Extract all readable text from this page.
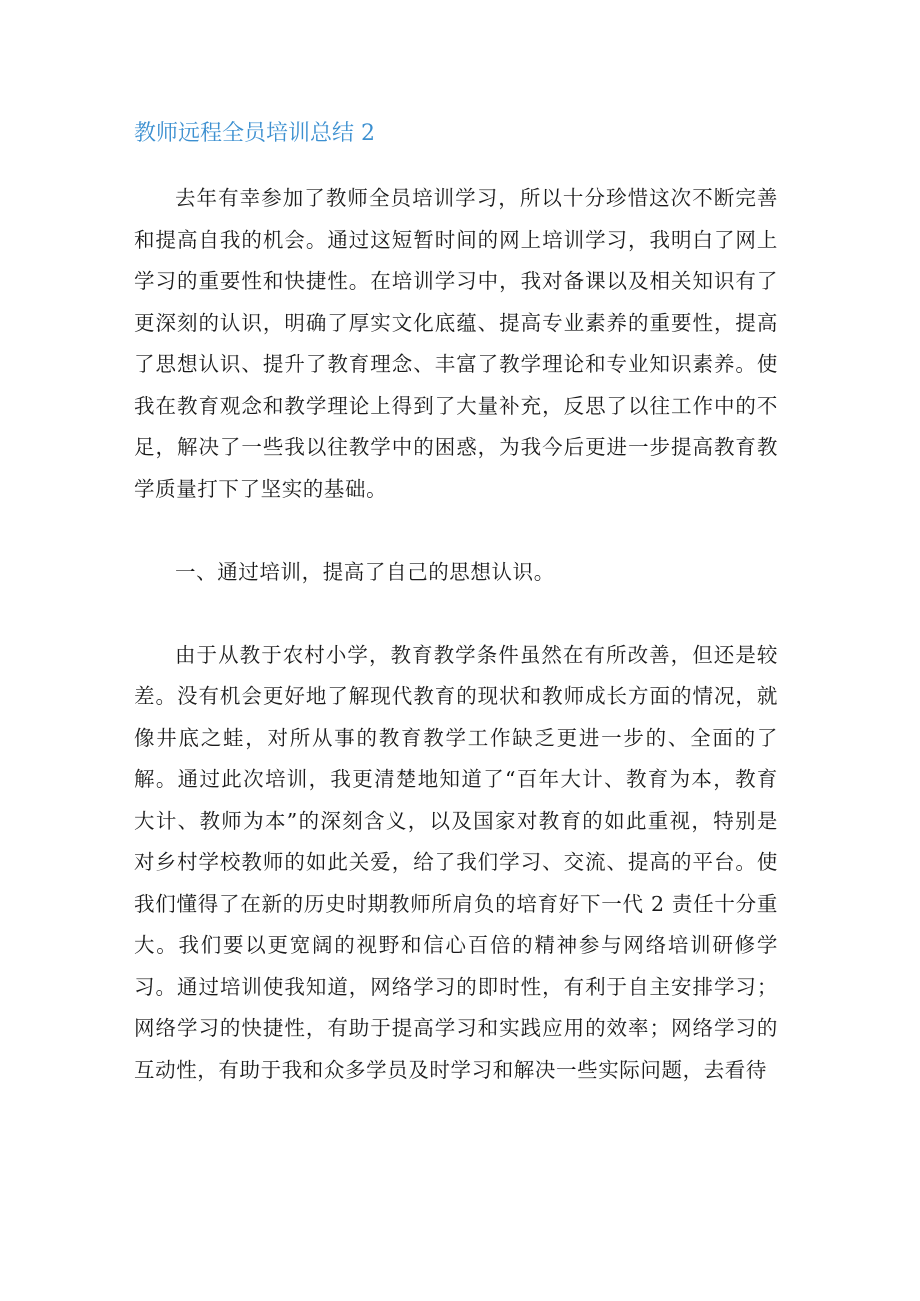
教师远程全员培训总结 2

去年有幸参加了教师全员培训学习，所以十分珍惜这次不断完善和提高自我的机会。通过这短暂时间的网上培训学习，我明白了网上学习的重要性和快捷性。在培训学习中，我对备课以及相关知识有了更深刻的认识，明确了厚实文化底蕴、提高专业素养的重要性，提高了思想认识、提升了教育理念、丰富了教学理论和专业知识素养。使我在教育观念和教学理论上得到了大量补充，反思了以往工作中的不足，解决了一些我以往教学中的困惑，为我今后更进一步提高教育教学质量打下了坚实的基础。

一、通过培训，提高了自己的思想认识。

由于从教于农村小学，教育教学条件虽然在有所改善，但还是较差。没有机会更好地了解现代教育的现状和教师成长方面的情况，就像井底之蛙，对所从事的教育教学工作缺乏更进一步的、全面的了解。通过此次培训，我更清楚地知道了“百年大计、教育为本，教育大计、教师为本”的深刻含义，以及国家对教育的如此重视，特别是对乡村学校教师的如此关爱，给了我们学习、交流、提高的平台。使我们懂得了在新的历史时期教师所肩负的培育好下一代 2 责任十分重大。我们要以更宽阔的视野和信心百倍的精神参与网络培训研修学习。通过培训使我知道，网络学习的即时性，有利于自主安排学习；网络学习的快捷性，有助于提高学习和实践应用的效率；网络学习的互动性，有助于我和众多学员及时学习和解决一些实际问题，去看待
